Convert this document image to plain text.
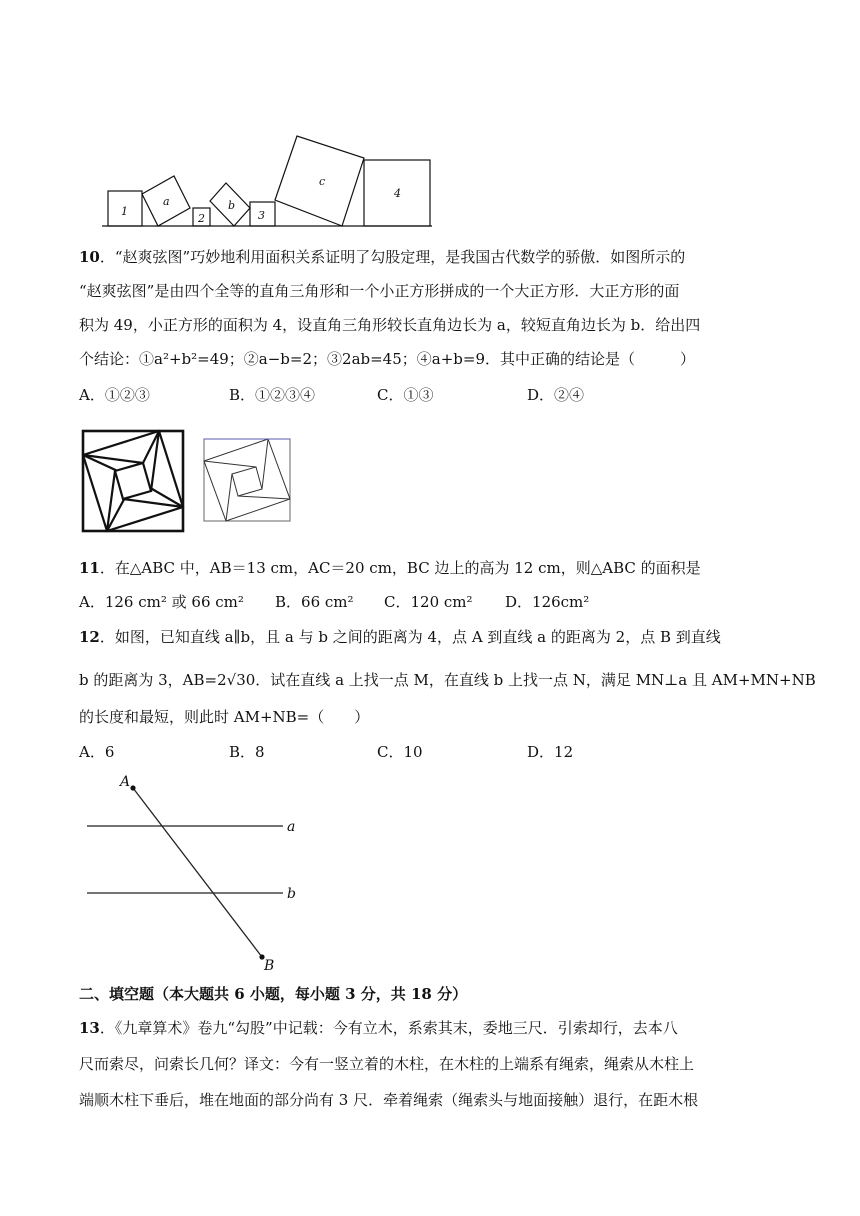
1
a
2
b
3
c
4
10．“赵爽弦图”巧妙地利用面积关系证明了勾股定理，是我国古代数学的骄傲．如图所示的
“赵爽弦图”是由四个全等的直角三角形和一个小正方形拼成的一个大正方形．大正方形的面
积为 49，小正方形的面积为 4，设直角三角形较长直角边长为 a，较短直角边长为 b．给出四
个结论：①a²+b²=49；②a−b=2；③2ab=45；④a+b=9．其中正确的结论是（　　　）
A．①②③	B．①②③④	C．①③	D．②④
11．在△ABC 中，AB＝13 cm，AC＝20 cm，BC 边上的高为 12 cm，则△ABC 的面积是
A．126 cm² 或 66 cm² B．66 cm² C．120 cm² D．126cm²
12．如图，已知直线 a∥b，且 a 与 b 之间的距离为 4，点 A 到直线 a 的距离为 2，点 B 到直线
b 的距离为 3，AB=2√30．试在直线 a 上找一点 M，在直线 b 上找一点 N，满足 MN⊥a 且 AM+MN+NB
的长度和最短，则此时 AM+NB=（　　）
A．6	B．8	C．10	D．12
A
B
a
b
二、填空题（本大题共 6 小题，每小题 3 分，共 18 分）
13．《九章算术》卷九“勾股”中记载：今有立木，系索其末，委地三尺．引索却行，去本八
尺而索尽，问索长几何？译文：今有一竖立着的木柱，在木柱的上端系有绳索，绳索从木柱上
端顺木柱下垂后，堆在地面的部分尚有 3 尺．牵着绳索（绳索头与地面接触）退行，在距木根
